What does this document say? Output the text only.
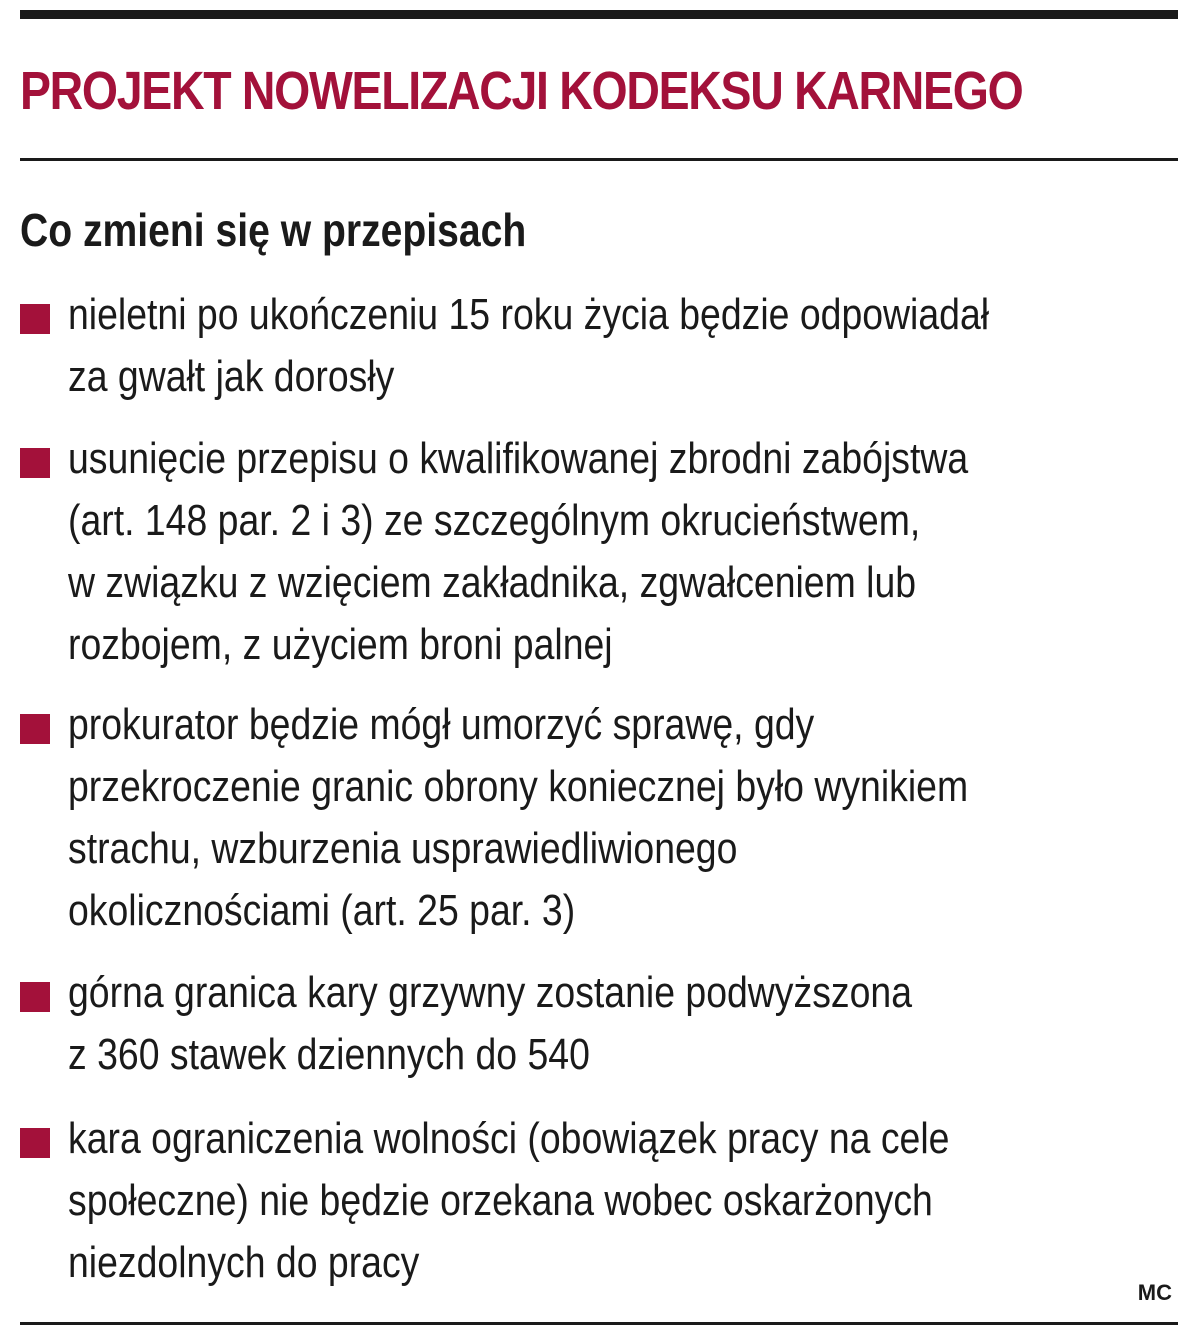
PROJEKT NOWELIZACJI KODEKSU KARNEGO
Co zmieni się w przepisach

nieletni po ukończeniu 15 roku życia będzie odpowiadał
za gwałt jak dorosły

usunięcie przepisu o kwalifikowanej zbrodni zabójstwa
(art. 148 par. 2 i 3) ze szczególnym okrucieństwem,
w związku z wzięciem zakładnika, zgwałceniem lub
rozbojem, z użyciem broni palnej

prokurator będzie mógł umorzyć sprawę, gdy
przekroczenie granic obrony koniecznej było wynikiem
strachu, wzburzenia usprawiedliwionego
okolicznościami (art. 25 par. 3)

górna granica kary grzywny zostanie podwyższona
z 360 stawek dziennych do 540

kara ograniczenia wolności (obowiązek pracy na cele
społeczne) nie będzie orzekana wobec oskarżonych
niezdolnych do pracy

MC
